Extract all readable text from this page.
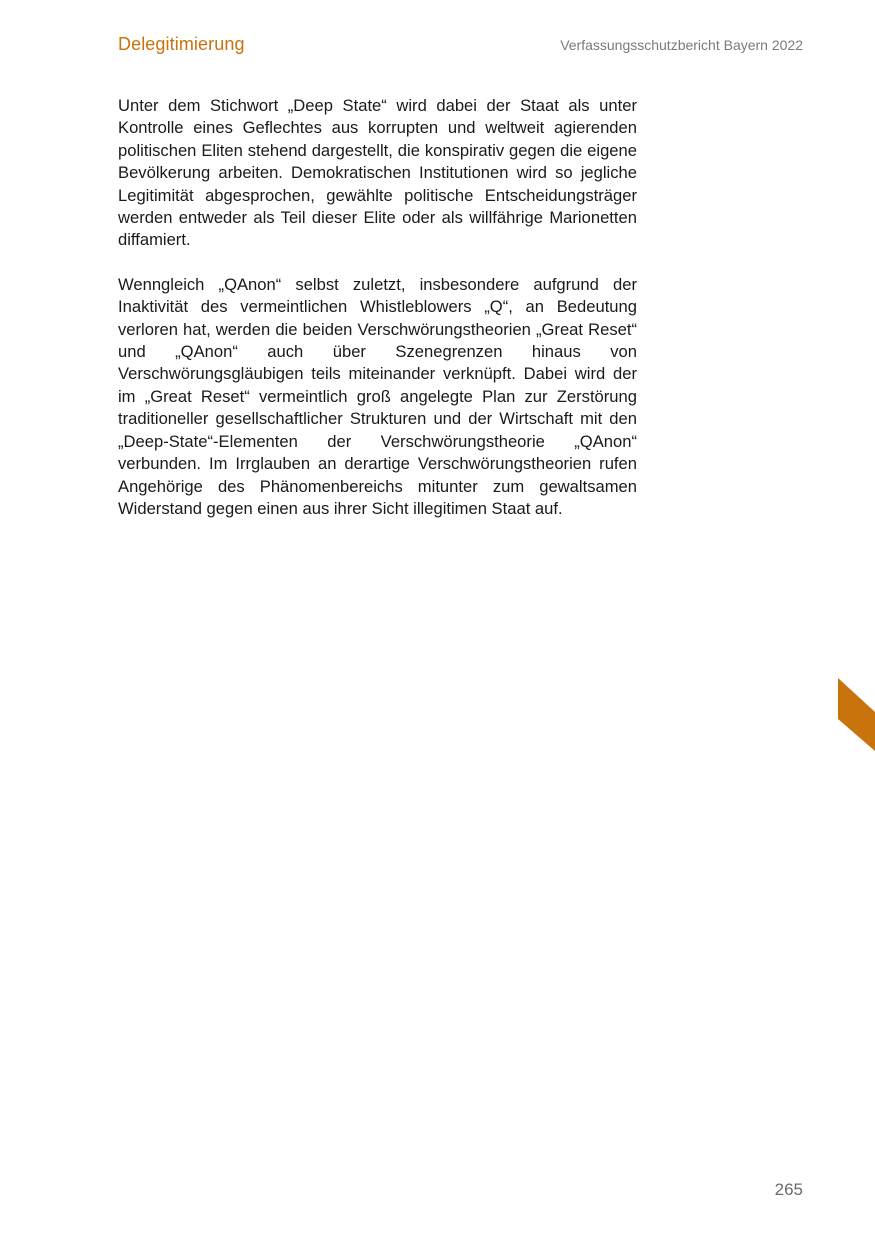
Delegitimierung	Verfassungsschutzbericht Bayern 2022

Unter dem Stichwort „Deep State“ wird dabei der Staat als unter Kontrolle eines Geflechtes aus korrupten und weltweit agierenden politischen Eliten stehend dargestellt, die konspirativ gegen die eigene Bevölkerung arbeiten. Demokratischen Institutionen wird so jegliche Legitimität abgesprochen, gewählte politische Entscheidungsträger werden entweder als Teil dieser Elite oder als willfährige Marionetten diffamiert.

Wenngleich „QAnon“ selbst zuletzt, insbesondere aufgrund der Inaktivität des vermeintlichen Whistleblowers „Q“, an Bedeutung verloren hat, werden die beiden Verschwörungstheorien „Great Reset“ und „QAnon“ auch über Szenegrenzen hinaus von Verschwörungsgläubigen teils miteinander verknüpft. Dabei wird der im „Great Reset“ vermeintlich groß angelegte Plan zur Zerstörung traditioneller gesellschaftlicher Strukturen und der Wirtschaft mit den „Deep-State“-Elementen der Verschwörungstheorie „QAnon“ verbunden. Im Irrglauben an derartige Verschwörungstheorien rufen Angehörige des Phänomenbereichs mitunter zum gewaltsamen Widerstand gegen einen aus ihrer Sicht illegitimen Staat auf.

265
